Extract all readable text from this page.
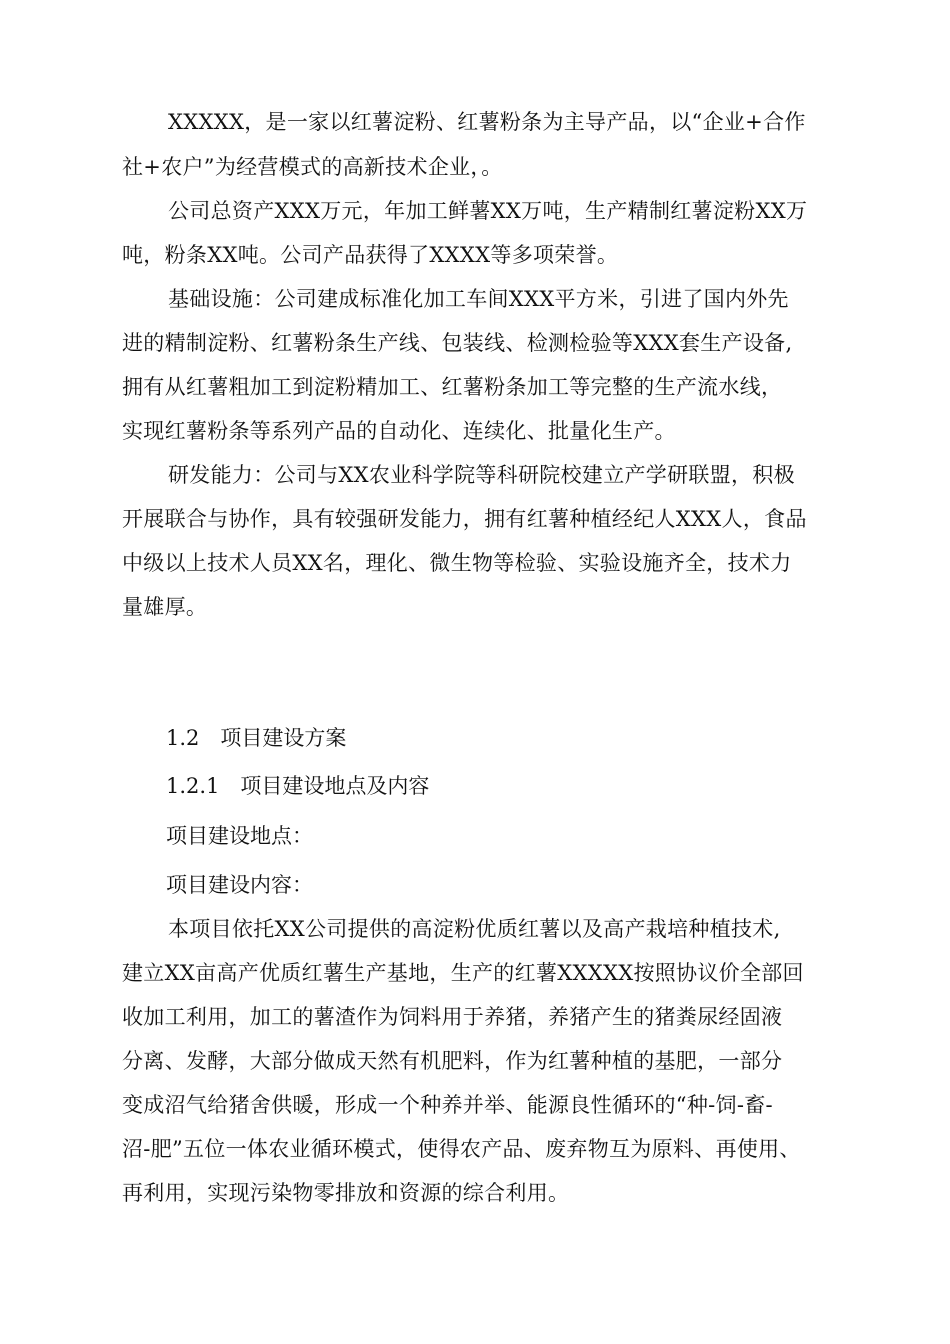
XXXXX，是一家以红薯淀粉、红薯粉条为主导产品，以“企业+合作
社+农户”为经营模式的高新技术企业，。
公司总资产XXX万元，年加工鲜薯XX万吨，生产精制红薯淀粉XX万
吨，粉条XX吨。公司产品获得了XXXX等多项荣誉。
基础设施：公司建成标准化加工车间XXX平方米，引进了国内外先
进的精制淀粉、红薯粉条生产线、包装线、检测检验等XXX套生产设备,
拥有从红薯粗加工到淀粉精加工、红薯粉条加工等完整的生产流水线，
实现红薯粉条等系列产品的自动化、连续化、批量化生产。
研发能力：公司与XX农业科学院等科研院校建立产学研联盟，积极
开展联合与协作，具有较强研发能力，拥有红薯种植经纪人XXX人，食品
中级以上技术人员XX名，理化、微生物等检验、实验设施齐全，技术力
量雄厚。
1.2　项目建设方案
1.2.1　项目建设地点及内容
项目建设地点：
项目建设内容：
本项目依托XX公司提供的高淀粉优质红薯以及高产栽培种植技术,
建立XX亩高产优质红薯生产基地，生产的红薯XXXXX按照协议价全部回
收加工利用，加工的薯渣作为饲料用于养猪，养猪产生的猪粪尿经固液
分离、发酵，大部分做成天然有机肥料，作为红薯种植的基肥，一部分
变成沼气给猪舍供暖，形成一个种养并举、能源良性循环的“种-饲-畜-
沼-肥”五位一体农业循环模式，使得农产品、废弃物互为原料、再使用、
再利用，实现污染物零排放和资源的综合利用。
